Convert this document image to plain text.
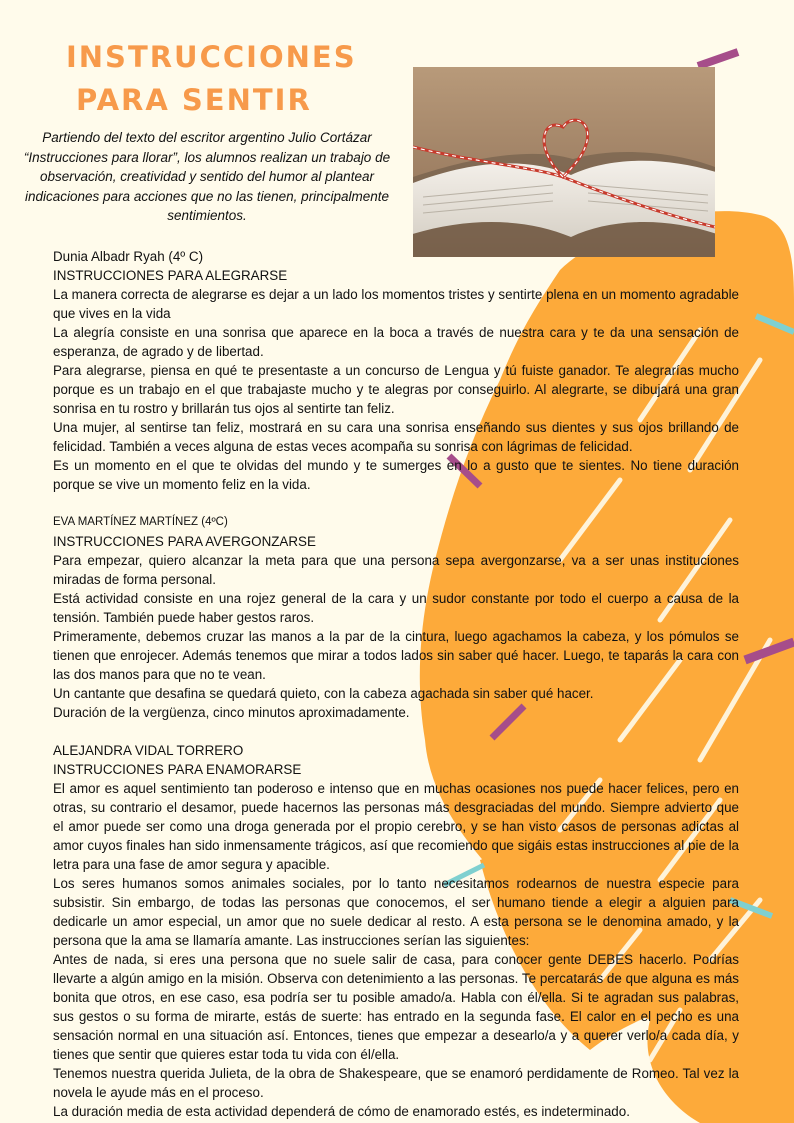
INSTRUCCIONES
PARA SENTIR

Partiendo del texto del escritor argentino Julio Cortázar “Instrucciones para llorar”, los alumnos realizan un trabajo de observación, creatividad y sentido del humor al plantear indicaciones para acciones que no las tienen, principalmente sentimientos.

Dunia Albadr Ryah (4º C)
INSTRUCCIONES PARA ALEGRARSE

La manera correcta de alegrarse es dejar a un lado los momentos tristes y sentirte plena en un momento agradable que vives en la vida

La alegría consiste en una sonrisa que aparece en la boca a través de nuestra cara y te da una sensación de esperanza, de agrado y de libertad.

Para alegrarse, piensa en qué te presentaste a un concurso de Lengua y tú fuiste ganador. Te alegrarías mucho porque es un trabajo en el que trabajaste mucho y te alegras por conseguirlo. Al alegrarte, se dibujará una gran sonrisa en tu rostro y brillarán tus ojos al sentirte tan feliz.

Una mujer, al sentirse tan feliz, mostrará en su cara una sonrisa enseñando sus dientes y sus ojos brillando de felicidad. También a veces alguna de estas veces acompaña su sonrisa con lágrimas de felicidad.

Es un momento en el que te olvidas del mundo y te sumerges en lo a gusto que te sientes. No tiene duración porque se vive un momento feliz en la vida.

EVA MARTÍNEZ MARTÍNEZ (4ºC)
INSTRUCCIONES PARA AVERGONZARSE

Para empezar, quiero alcanzar la meta para que una persona sepa avergonzarse, va a ser unas instituciones miradas de forma personal.

Está actividad consiste en una rojez general de la cara y un sudor constante por todo el cuerpo a causa de la tensión. También puede haber gestos raros.

Primeramente, debemos cruzar las manos a la par de la cintura, luego agachamos la cabeza, y los pómulos se tienen que enrojecer. Además tenemos que mirar a todos lados sin saber qué hacer. Luego, te taparás la cara con las dos manos para que no te vean.

Un cantante que desafina se quedará quieto, con la cabeza agachada sin saber qué hacer.

Duración de la vergüenza, cinco minutos aproximadamente.

ALEJANDRA VIDAL TORRERO
INSTRUCCIONES PARA ENAMORARSE

El amor es aquel sentimiento tan poderoso e intenso que en muchas ocasiones nos puede hacer felices, pero en otras, su contrario el desamor, puede hacernos las personas más desgraciadas del mundo. Siempre advierto que el amor puede ser como una droga generada por el propio cerebro, y se han visto casos de personas adictas al amor cuyos finales han sido inmensamente trágicos, así que recomiendo que sigáis estas instrucciones al pie de la letra para una fase de amor segura y apacible.

Los seres humanos somos animales sociales, por lo tanto necesitamos rodearnos de nuestra especie para subsistir. Sin embargo, de todas las personas que conocemos, el ser humano tiende a elegir a alguien para dedicarle un amor especial, un amor que no suele dedicar al resto. A esta persona se le denomina amado, y la persona que la ama se llamaría amante. Las instrucciones serían las siguientes:

Antes de nada, si eres una persona que no suele salir de casa, para conocer gente DEBES hacerlo. Podrías llevarte a algún amigo en la misión. Observa con detenimiento a las personas. Te percatarás de que alguna es más bonita que otros, en ese caso, esa podría ser tu posible amado/a. Habla con él/ella. Si te agradan sus palabras, sus gestos o su forma de mirarte, estás de suerte: has entrado en la segunda fase. El calor en el pecho es una sensación normal en una situación así. Entonces, tienes que empezar a desearlo/a y a querer verlo/a cada día, y tienes que sentir que quieres estar toda tu vida con él/ella.

Tenemos nuestra querida Julieta, de la obra de Shakespeare, que se enamoró perdidamente de Romeo. Tal vez la novela le ayude más en el proceso.

La duración media de esta actividad dependerá de cómo de enamorado estés, es indeterminado.
